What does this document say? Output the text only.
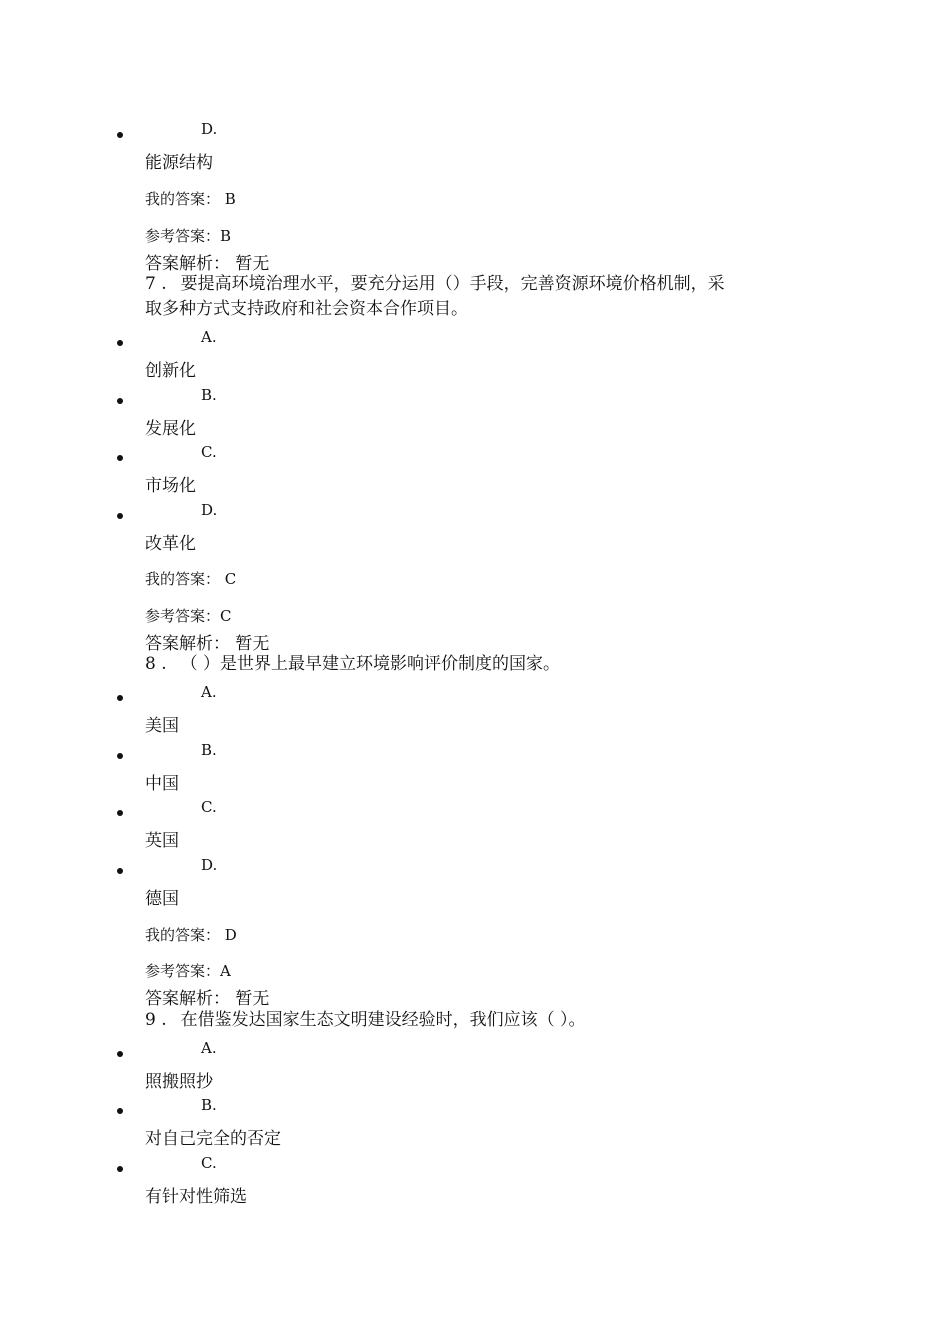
D.
能源结构
我的答案： B
参考答案：B
答案解析： 暂无
7 . 要提高环境治理水平，要充分运用（）手段，完善资源环境价格机制，采
取多种方式支持政府和社会资本合作项目。
A.
创新化
B.
发展化
C.
市场化
D.
改革化
我的答案： C
参考答案：C
答案解析： 暂无
8 . （ ）是世界上最早建立环境影响评价制度的国家。
A.
美国
B.
中国
C.
英国
D.
德国
我的答案： D
参考答案：A
答案解析： 暂无
9 . 在借鉴发达国家生态文明建设经验时，我们应该（ ）。
A.
照搬照抄
B.
对自己完全的否定
C.
有针对性筛选
